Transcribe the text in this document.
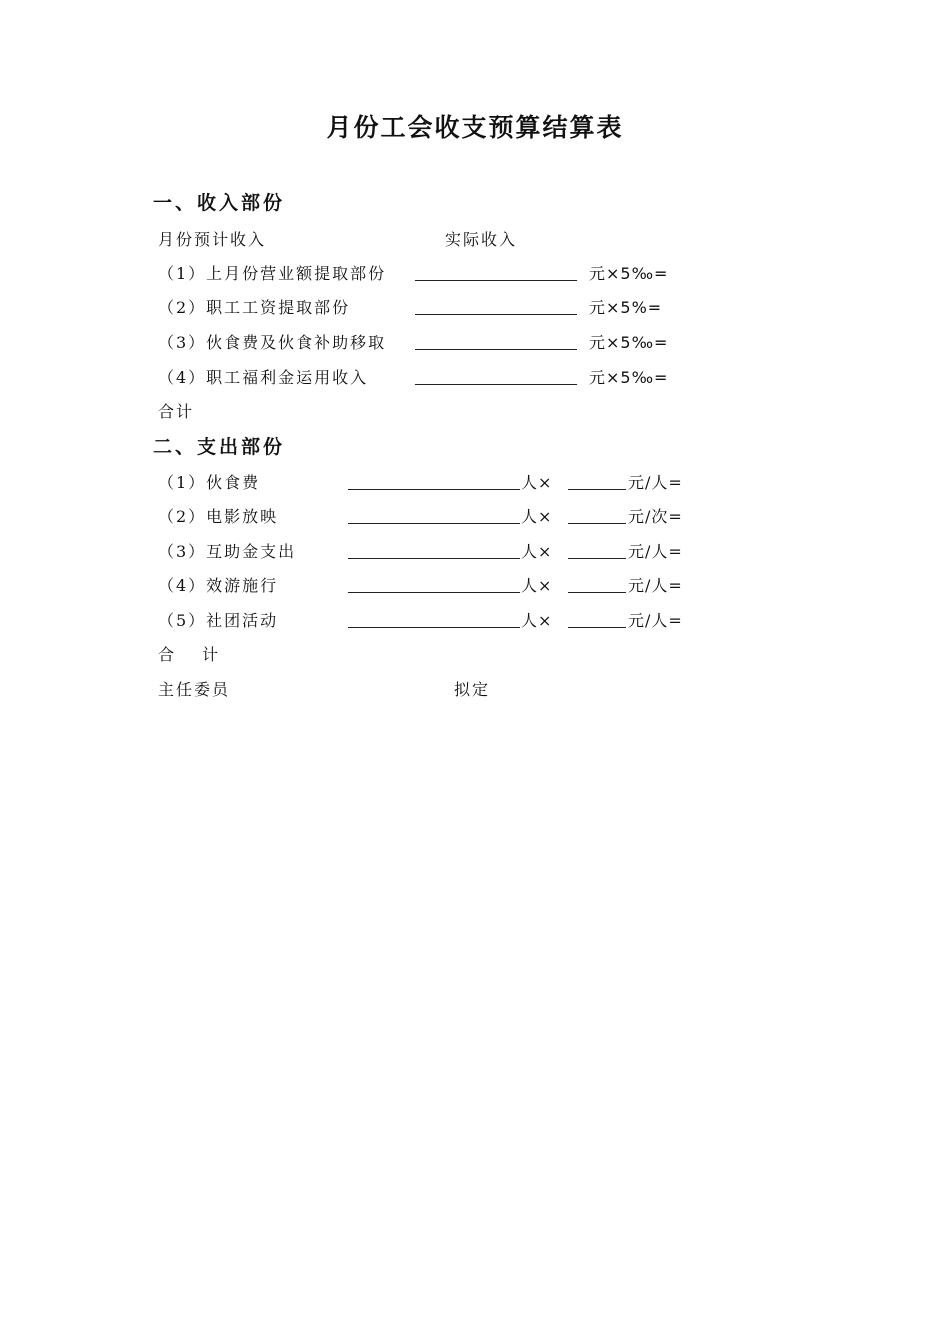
月份工会收支预算结算表
一、收入部份
月份预计收入	实际收入
（1）上月份营业额提取部份	元×5‰=
（2）职工工资提取部份	元×5%=
（3）伙食费及伙食补助移取	元×5‰=
（4）职工福利金运用收入	元×5‰=
合计
二、支出部份
（1）伙食费	人×	元/人=
（2）电影放映	人×	元/次=
（3）互助金支出	人×	元/人=
（4）效游施行	人×	元/人=
（5）社团活动	人×	元/人=
合　计
主任委员	拟定
